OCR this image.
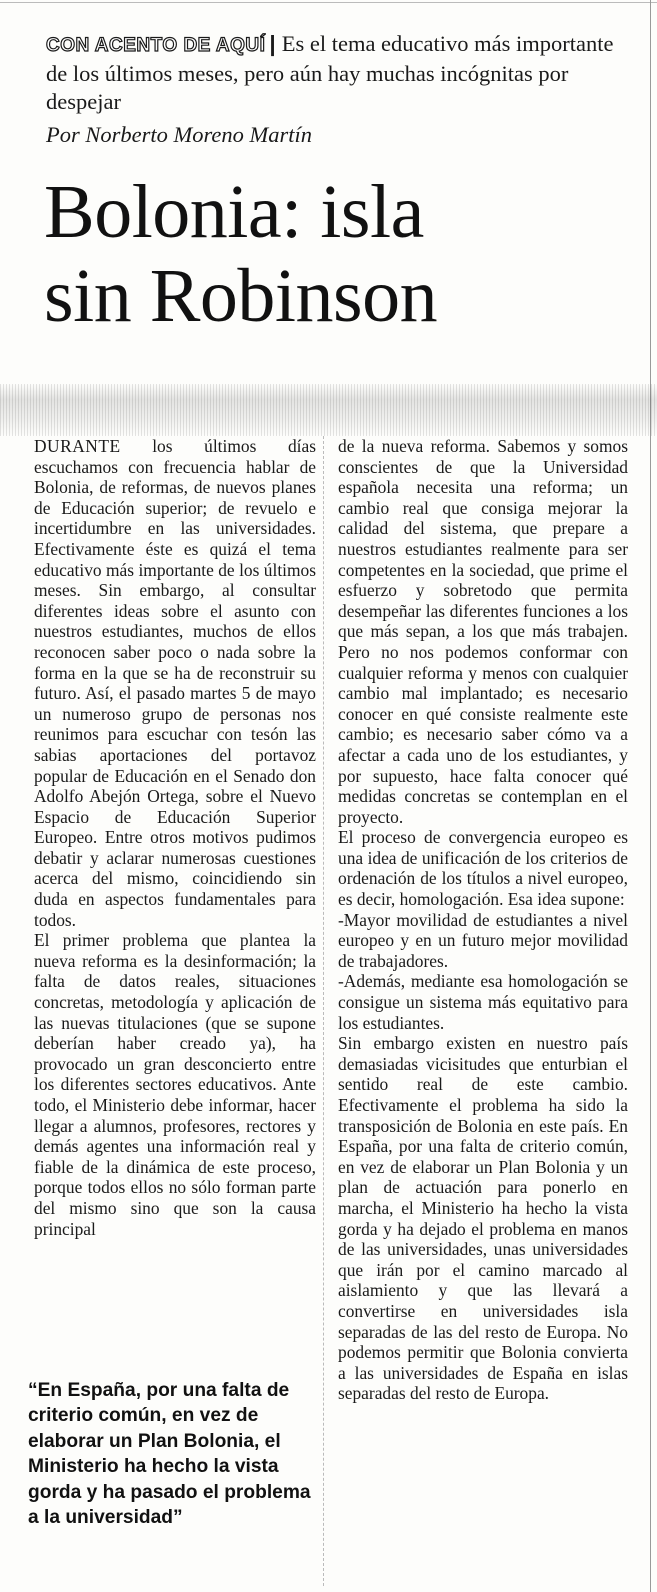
CON ACENTO DE AQUÍ | Es el tema educativo más importante de los últimos meses, pero aún hay muchas incógnitas por despejar
Por Norberto Moreno Martín
Bolonia: isla
sin Robinson

DURANTE los últimos días escuchamos con frecuencia hablar de Bolonia, de reformas, de nuevos planes de Educación superior; de revuelo e incertidumbre en las universidades. Efectivamente éste es quizá el tema educativo más importante de los últimos meses. Sin embargo, al consultar diferentes ideas sobre el asunto con nuestros estudiantes, muchos de ellos reconocen saber poco o nada sobre la forma en la que se ha de reconstruir su futuro. Así, el pasado martes 5 de mayo un numeroso grupo de personas nos reunimos para escuchar con tesón las sabias aportaciones del portavoz popular de Educación en el Senado don Adolfo Abejón Ortega, sobre el Nuevo Espacio de Educación Superior Europeo. Entre otros motivos pudimos debatir y aclarar numerosas cuestiones acerca del mismo, coincidiendo sin duda en aspectos fundamentales para todos.

El primer problema que plantea la nueva reforma es la desinformación; la falta de datos reales, situaciones concretas, metodología y aplicación de las nuevas titulaciones (que se supone deberían haber creado ya), ha provocado un gran desconcierto entre los diferentes sectores educativos. Ante todo, el Ministerio debe informar, hacer llegar a alumnos, profesores, rectores y demás agentes una información real y fiable de la dinámica de este proceso, porque todos ellos no sólo forman parte del mismo sino que son la causa principal

de la nueva reforma. Sabemos y somos conscientes de que la Universidad española necesita una reforma; un cambio real que consiga mejorar la calidad del sistema, que prepare a nuestros estudiantes realmente para ser competentes en la sociedad, que prime el esfuerzo y sobretodo que permita desempeñar las diferentes funciones a los que más sepan, a los que más trabajen. Pero no nos podemos conformar con cualquier reforma y menos con cualquier cambio mal implantado; es necesario conocer en qué consiste realmente este cambio; es necesario saber cómo va a afectar a cada uno de los estudiantes, y por supuesto, hace falta conocer qué medidas concretas se contemplan en el proyecto.

El proceso de convergencia europeo es una idea de unificación de los criterios de ordenación de los títulos a nivel europeo, es decir, homologación. Esa idea supone:

-Mayor movilidad de estudiantes a nivel europeo y en un futuro mejor movilidad de trabajadores.

-Además, mediante esa homologación se consigue un sistema más equitativo para los estudiantes.

Sin embargo existen en nuestro país demasiadas vicisitudes que enturbian el sentido real de este cambio. Efectivamente el problema ha sido la transposición de Bolonia en este país. En España, por una falta de criterio común, en vez de elaborar un Plan Bolonia y un plan de actuación para ponerlo en marcha, el Ministerio ha hecho la vista gorda y ha dejado el problema en manos de las universidades, unas universidades que irán por el camino marcado al aislamiento y que las llevará a convertirse en universidades isla separadas de las del resto de Europa. No podemos permitir que Bolonia convierta a las universidades de España en islas separadas del resto de Europa.

“En España, por una falta de criterio común, en vez de elaborar un Plan Bolonia, el Ministerio ha hecho la vista gorda y ha pasado el problema a la universidad”
